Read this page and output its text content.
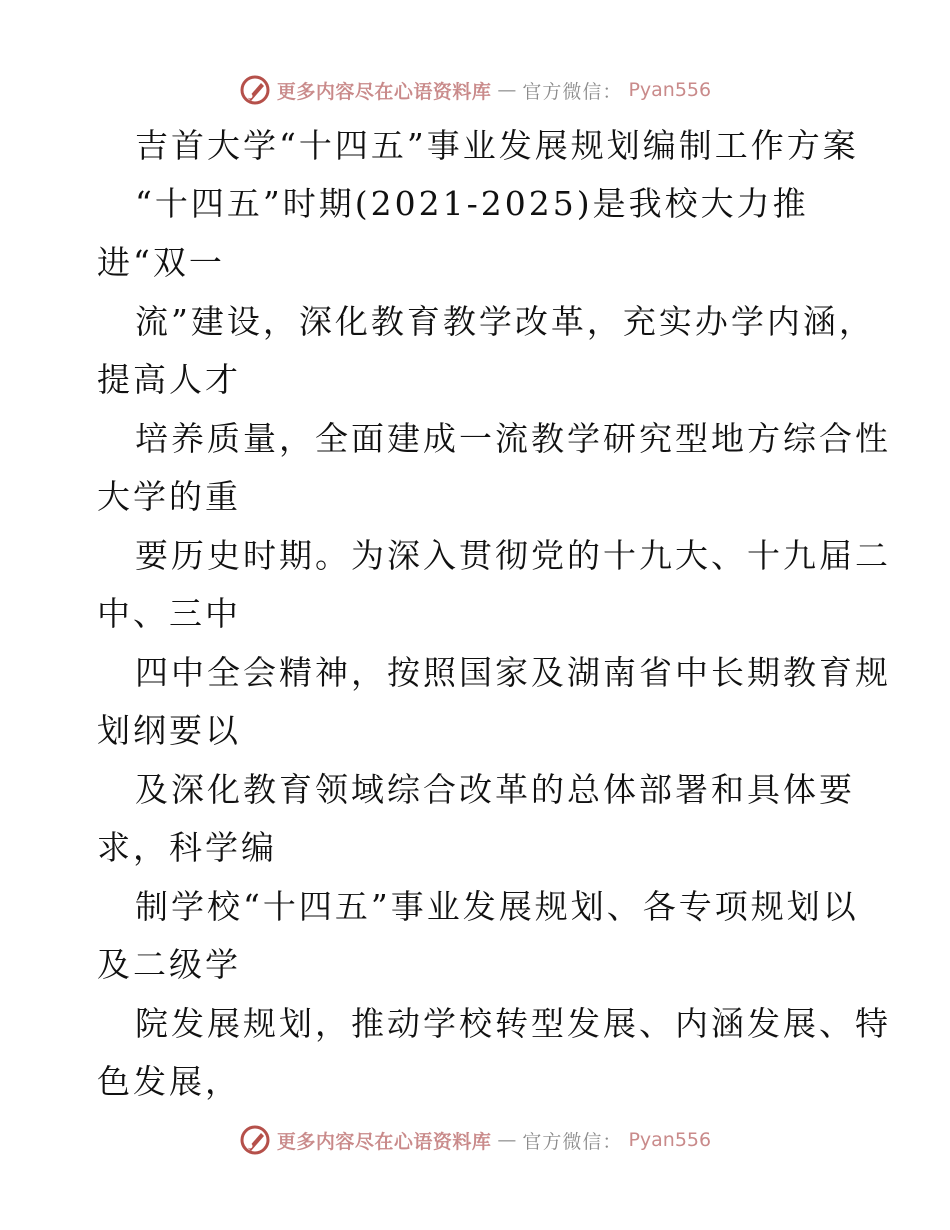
更多内容尽在心语资料库 — 官方微信： Pyan556
吉首大学“十四五”事业发展规划编制工作方案
“十四五”时期(2021-2025)是我校大力推
进“双一
流”建设，深化教育教学改革，充实办学内涵，
提高人才
培养质量，全面建成一流教学研究型地方综合性
大学的重
要历史时期。为深入贯彻党的十九大、十九届二
中、三中
四中全会精神，按照国家及湖南省中长期教育规
划纲要以
及深化教育领域综合改革的总体部署和具体要
求，科学编
制学校“十四五”事业发展规划、各专项规划以
及二级学
院发展规划，推动学校转型发展、内涵发展、特
色发展，
更多内容尽在心语资料库 — 官方微信： Pyan556
